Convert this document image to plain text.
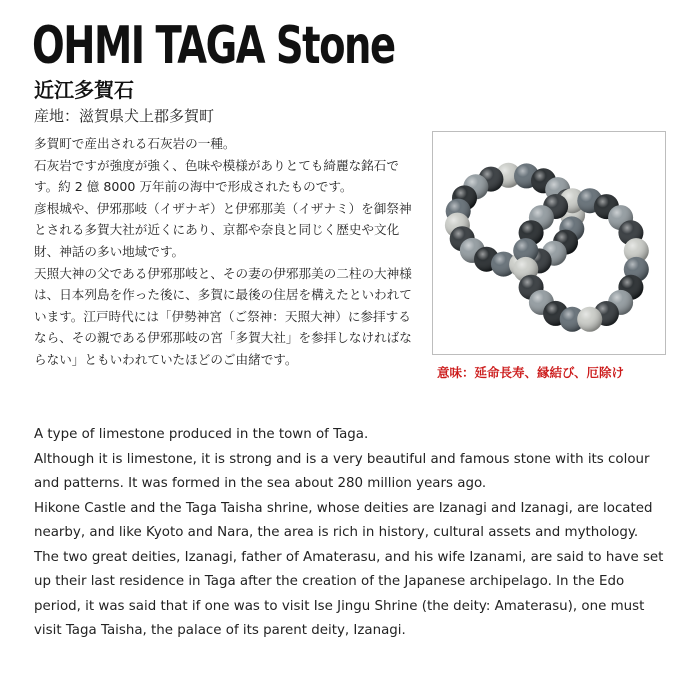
OHMI TAGA Stone
近江多賀石
産地：滋賀県犬上郡多賀町

多賀町で産出される石灰岩の一種。

石灰岩ですが強度が強く、色味や模様がありとても綺麗な銘石です。約 2 億 8000 万年前の海中で形成されたものです。

彦根城や、伊邪那岐（イザナギ）と伊邪那美（イザナミ）を御祭神とされる多賀大社が近くにあり、京都や奈良と同じく歴史や文化財、神話の多い地域です。

天照大神の父である伊邪那岐と、その妻の伊邪那美の二柱の大神様は、日本列島を作った後に、多賀に最後の住居を構えたといわれています。江戸時代には「伊勢神宮（ご祭神：天照大神）に参拝するなら、その親である伊邪那岐の宮「多賀大社」を参拝しなければならない」ともいわれていたほどのご由緒です。

意味：延命長寿、縁結び、厄除け

A type of limestone produced in the town of Taga.

Although it is limestone, it is strong and is a very beautiful and famous stone with its colour and patterns. It was formed in the sea about 280 million years ago.

Hikone Castle and the Taga Taisha shrine, whose deities are Izanagi and Izanagi, are located nearby, and like Kyoto and Nara, the area is rich in history, cultural assets and mythology.

The two great deities, Izanagi, father of Amaterasu, and his wife Izanami, are said to have set up their last residence in Taga after the creation of the Japanese archipelago. In the Edo period, it was said that if one was to visit Ise Jingu Shrine (the deity: Amaterasu), one must visit Taga Taisha, the palace of its parent deity, Izanagi.
